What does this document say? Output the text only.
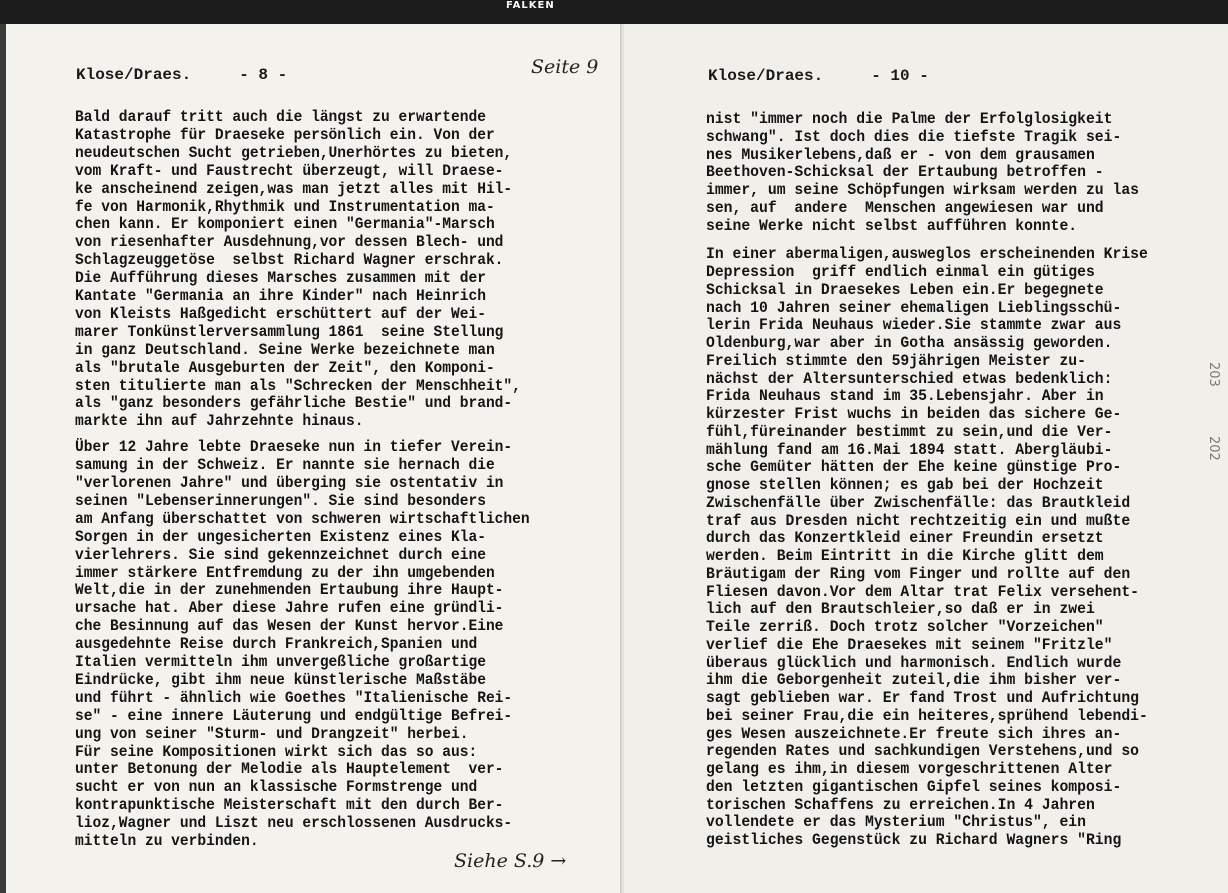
FALKEN
Klose/Draes.     - 8 -	Seite 9
Bald darauf tritt auch die längst zu erwartende
Katastrophe für Draeseke persönlich ein. Von der
neudeutschen Sucht getrieben,Unerhörtes zu bieten,
vom Kraft- und Faustrecht überzeugt, will Draese-
ke anscheinend zeigen,was man jetzt alles mit Hil-
fe von Harmonik,Rhythmik und Instrumentation ma-
chen kann. Er komponiert einen "Germania"-Marsch
von riesenhafter Ausdehnung,vor dessen Blech- und
Schlagzeuggetöse  selbst Richard Wagner erschrak.
Die Aufführung dieses Marsches zusammen mit der
Kantate "Germania an ihre Kinder" nach Heinrich
von Kleists Haßgedicht erschüttert auf der Wei-
marer Tonkünstlerversammlung 1861  seine Stellung
in ganz Deutschland. Seine Werke bezeichnete man
als "brutale Ausgeburten der Zeit", den Komponi-
sten titulierte man als "Schrecken der Menschheit",
als "ganz besonders gefährliche Bestie" und brand-
markte ihn auf Jahrzehnte hinaus.
Über 12 Jahre lebte Draeseke nun in tiefer Verein-
samung in der Schweiz. Er nannte sie hernach die
"verlorenen Jahre" und überging sie ostentativ in
seinen "Lebenserinnerungen". Sie sind besonders
am Anfang überschattet von schweren wirtschaftlichen
Sorgen in der ungesicherten Existenz eines Kla-
vierlehrers. Sie sind gekennzeichnet durch eine
immer stärkere Entfremdung zu der ihn umgebenden
Welt,die in der zunehmenden Ertaubung ihre Haupt-
ursache hat. Aber diese Jahre rufen eine gründli-
che Besinnung auf das Wesen der Kunst hervor.Eine
ausgedehnte Reise durch Frankreich,Spanien und
Italien vermitteln ihm unvergeßliche großartige
Eindrücke, gibt ihm neue künstlerische Maßstäbe
und führt - ähnlich wie Goethes "Italienische Rei-
se" - eine innere Läuterung und endgültige Befrei-
ung von seiner "Sturm- und Drangzeit" herbei.
Für seine Kompositionen wirkt sich das so aus:
unter Betonung der Melodie als Hauptelement  ver-
sucht er von nun an klassische Formstrenge und
kontrapunktische Meisterschaft mit den durch Ber-
lioz,Wagner und Liszt neu erschlossenen Ausdrucks-
mitteln zu verbinden.
Siehe S.9 →
Klose/Draes.     - 10 -
nist "immer noch die Palme der Erfolglosigkeit
schwang". Ist doch dies die tiefste Tragik sei-
nes Musikerlebens,daß er - von dem grausamen
Beethoven-Schicksal der Ertaubung betroffen -
immer, um seine Schöpfungen wirksam werden zu las
sen, auf  andere  Menschen angewiesen war und
seine Werke nicht selbst aufführen konnte.
In einer abermaligen,ausweglos erscheinenden Krise
Depression  griff endlich einmal ein gütiges
Schicksal in Draesekes Leben ein.Er begegnete
nach 10 Jahren seiner ehemaligen Lieblingsschü-
lerin Frida Neuhaus wieder.Sie stammte zwar aus
Oldenburg,war aber in Gotha ansässig geworden.
Freilich stimmte den 59jährigen Meister zu-
nächst der Altersunterschied etwas bedenklich:
Frida Neuhaus stand im 35.Lebensjahr. Aber in
kürzester Frist wuchs in beiden das sichere Ge-
fühl,füreinander bestimmt zu sein,und die Ver-
mählung fand am 16.Mai 1894 statt. Abergläubi-
sche Gemüter hätten der Ehe keine günstige Pro-
gnose stellen können; es gab bei der Hochzeit
Zwischenfälle über Zwischenfälle: das Brautkleid
traf aus Dresden nicht rechtzeitig ein und mußte
durch das Konzertkleid einer Freundin ersetzt
werden. Beim Eintritt in die Kirche glitt dem
Bräutigam der Ring vom Finger und rollte auf den
Fliesen davon.Vor dem Altar trat Felix versehent-
lich auf den Brautschleier,so daß er in zwei
Teile zerriß. Doch trotz solcher "Vorzeichen"
verlief die Ehe Draesekes mit seinem "Fritzle"
überaus glücklich und harmonisch. Endlich wurde
ihm die Geborgenheit zuteil,die ihm bisher ver-
sagt geblieben war. Er fand Trost und Aufrichtung
bei seiner Frau,die ein heiteres,sprühend lebendi-
ges Wesen auszeichnete.Er freute sich ihres an-
regenden Rates und sachkundigen Verstehens,und so
gelang es ihm,in diesem vorgeschrittenen Alter
den letzten gigantischen Gipfel seines komposi-
torischen Schaffens zu erreichen.In 4 Jahren
vollendete er das Mysterium "Christus", ein
geistliches Gegenstück zu Richard Wagners "Ring
203
202
